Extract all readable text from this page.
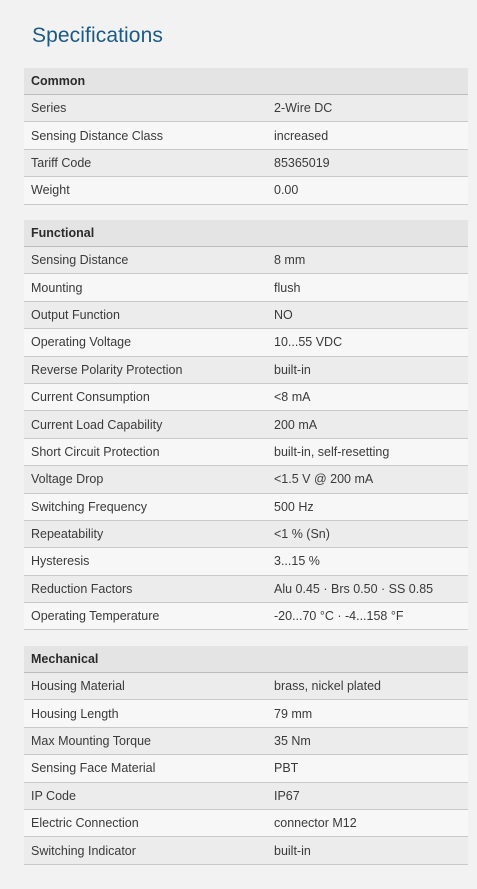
Specifications
Common
Series	2-Wire DC
Sensing Distance Class	increased
Tariff Code	85365019
Weight	0.00
Functional
Sensing Distance	8 mm
Mounting	flush
Output Function	NO
Operating Voltage	10...55 VDC
Reverse Polarity Protection	built-in
Current Consumption	<8 mA
Current Load Capability	200 mA
Short Circuit Protection	built-in, self-resetting
Voltage Drop	<1.5 V @ 200 mA
Switching Frequency	500 Hz
Repeatability	<1 % (Sn)
Hysteresis	3...15 %
Reduction Factors	Alu 0.45 · Brs 0.50 · SS 0.85
Operating Temperature	-20...70 °C · -4...158 °F
Mechanical
Housing Material	brass, nickel plated
Housing Length	79 mm
Max Mounting Torque	35 Nm
Sensing Face Material	PBT
IP Code	IP67
Electric Connection	connector M12
Switching Indicator	built-in
